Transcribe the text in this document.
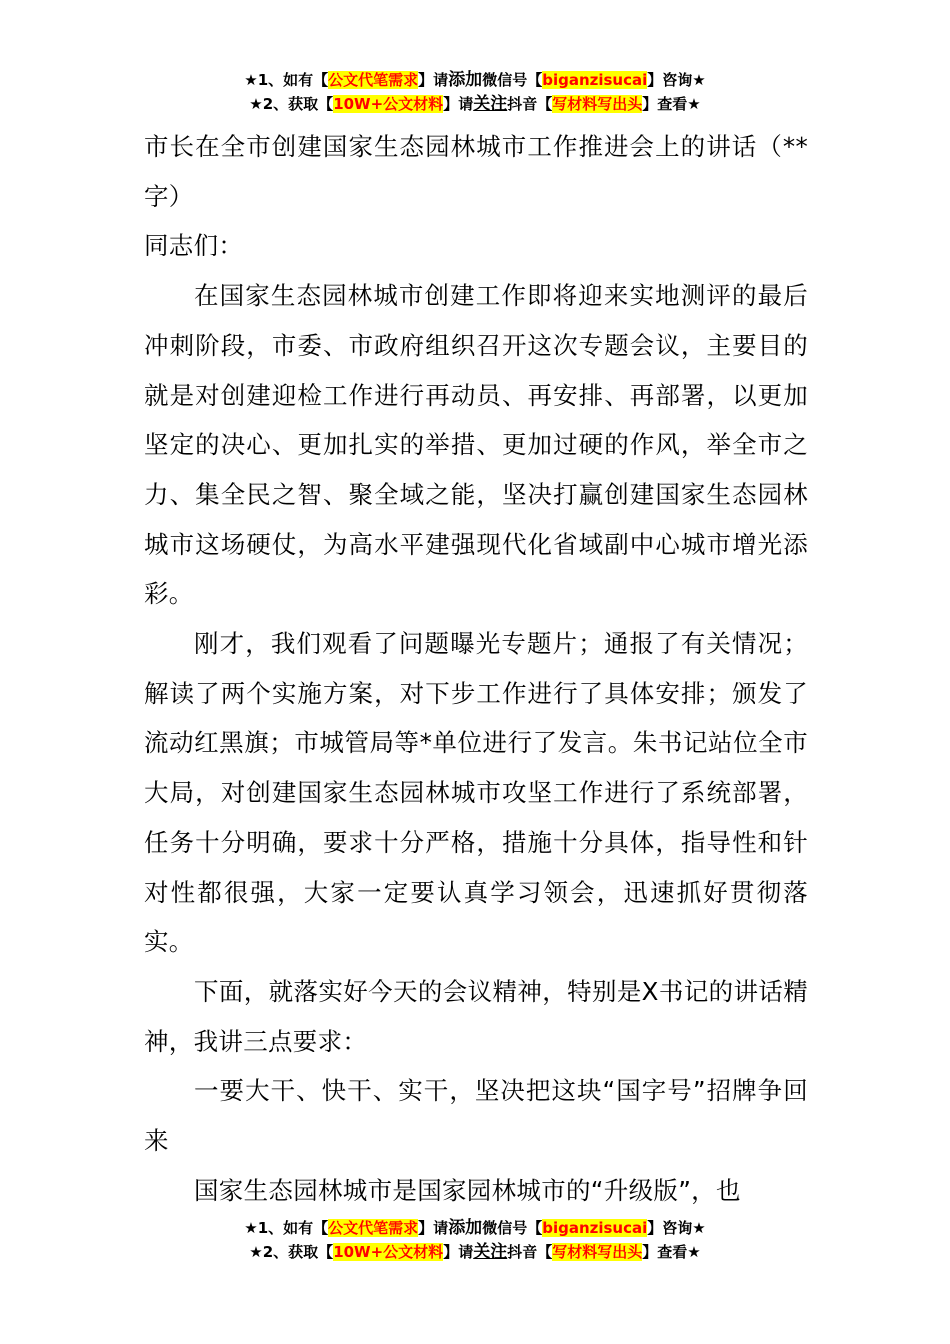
★1、如有【公文代笔需求】请添加微信号【biganzisucai】咨询★
★2、获取【10W+公文材料】请关注抖音【写材料写出头】查看★

市长在全市创建国家生态园林城市工作推进会上的讲话（**字）

同志们：

在国家生态园林城市创建工作即将迎来实地测评的最后冲刺阶段，市委、市政府组织召开这次专题会议，主要目的就是对创建迎检工作进行再动员、再安排、再部署，以更加坚定的决心、更加扎实的举措、更加过硬的作风，举全市之力、集全民之智、聚全域之能，坚决打赢创建国家生态园林城市这场硬仗，为高水平建强现代化省域副中心城市增光添彩。

刚才，我们观看了问题曝光专题片；通报了有关情况；解读了两个实施方案，对下步工作进行了具体安排；颁发了流动红黑旗；市城管局等*单位进行了发言。朱书记站位全市大局，对创建国家生态园林城市攻坚工作进行了系统部署，任务十分明确，要求十分严格，措施十分具体，指导性和针对性都很强，大家一定要认真学习领会，迅速抓好贯彻落实。

下面，就落实好今天的会议精神，特别是X书记的讲话精神，我讲三点要求：

一要大干、快干、实干，坚决把这块“国字号”招牌争回来

国家生态园林城市是国家园林城市的“升级版”，也

★1、如有【公文代笔需求】请添加微信号【biganzisucai】咨询★
★2、获取【10W+公文材料】请关注抖音【写材料写出头】查看★
